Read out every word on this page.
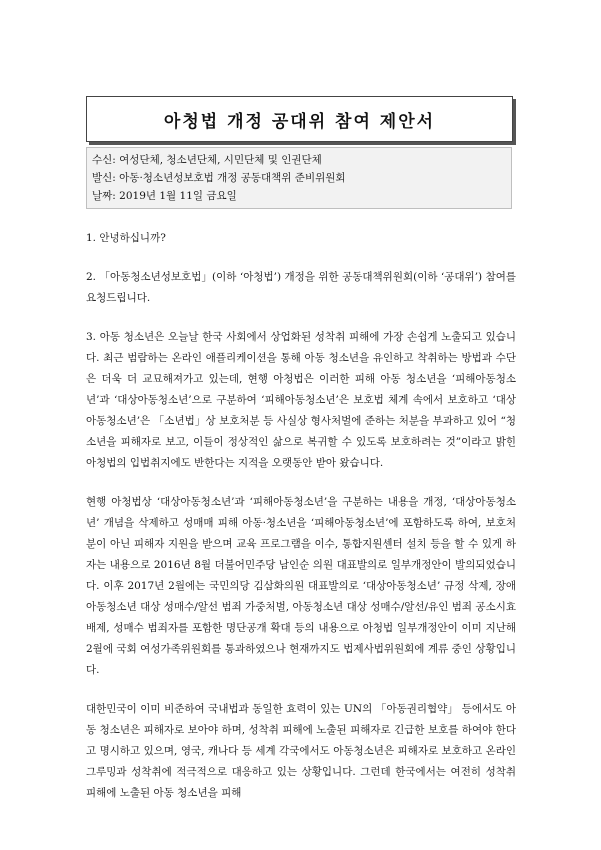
아청법 개정 공대위 참여 제안서
수신: 여성단체, 청소년단체, 시민단체 및 인권단체
발신: 아동·청소년성보호법 개정 공동대책위 준비위원회
날짜: 2019년 1월 11일 금요일

1. 안녕하십니까?

2. 「아동청소년성보호법」(이하 ‘아청법’) 개정을 위한 공동대책위원회(이하 ‘공대위’) 참여를 요청드립니다.

3. 아동 청소년은 오늘날 한국 사회에서 상업화된 성착취 피해에 가장 손쉽게 노출되고 있습니다. 최근 범람하는 온라인 애플리케이션을 통해 아동 청소년을 유인하고 착취하는 방법과 수단은 더욱 더 교묘해져가고 있는데, 현행 아청법은 이러한 피해 아동 청소년을 ‘피해아동청소년’과 ‘대상아동청소년’으로 구분하여 ‘피해아동청소년’은 보호법 체계 속에서 보호하고 ‘대상아동청소년’은 「소년법」상 보호처분 등 사실상 형사처벌에 준하는 처분을 부과하고 있어 “청소년을 피해자로 보고, 이들이 정상적인 삶으로 복귀할 수 있도록 보호하려는 것”이라고 밝힌 아청법의 입법취지에도 반한다는 지적을 오랫동안 받아 왔습니다.

현행 아청법상 ‘대상아동청소년’과 ‘피해아동청소년’을 구분하는 내용을 개정, ‘대상아동청소년’ 개념을 삭제하고 성매매 피해 아동·청소년을 ‘피해아동청소년’에 포함하도록 하여, 보호처분이 아닌 피해자 지원을 받으며 교육 프로그램을 이수, 통합지원센터 설치 등을 할 수 있게 하자는 내용으로 2016년 8월 더불어민주당 남인순 의원 대표발의로 일부개정안이 발의되었습니다. 이후 2017년 2월에는 국민의당 김삼화의원 대표발의로 ‘대상아동청소년’ 규정 삭제, 장애아동청소년 대상 성매수/알선 범죄 가중처벌, 아동청소년 대상 성매수/알선/유인 범죄 공소시효 배제, 성매수 범죄자를 포함한 명단공개 확대 등의 내용으로 아청법 일부개정안이 이미 지난해 2월에 국회 여성가족위원회를 통과하였으나 현재까지도 법제사법위원회에 계류 중인 상황입니다.

대한민국이 이미 비준하여 국내법과 동일한 효력이 있는 UN의 「아동권리협약」 등에서도 아동 청소년은 피해자로 보아야 하며, 성착취 피해에 노출된 피해자로 긴급한 보호를 하여야 한다고 명시하고 있으며, 영국, 캐나다 등 세계 각국에서도 아동청소년은 피해자로 보호하고 온라인 그루밍과 성착취에 적극적으로 대응하고 있는 상황입니다. 그런데 한국에서는 여전히 성착취 피해에 노출된 아동 청소년을 피해
